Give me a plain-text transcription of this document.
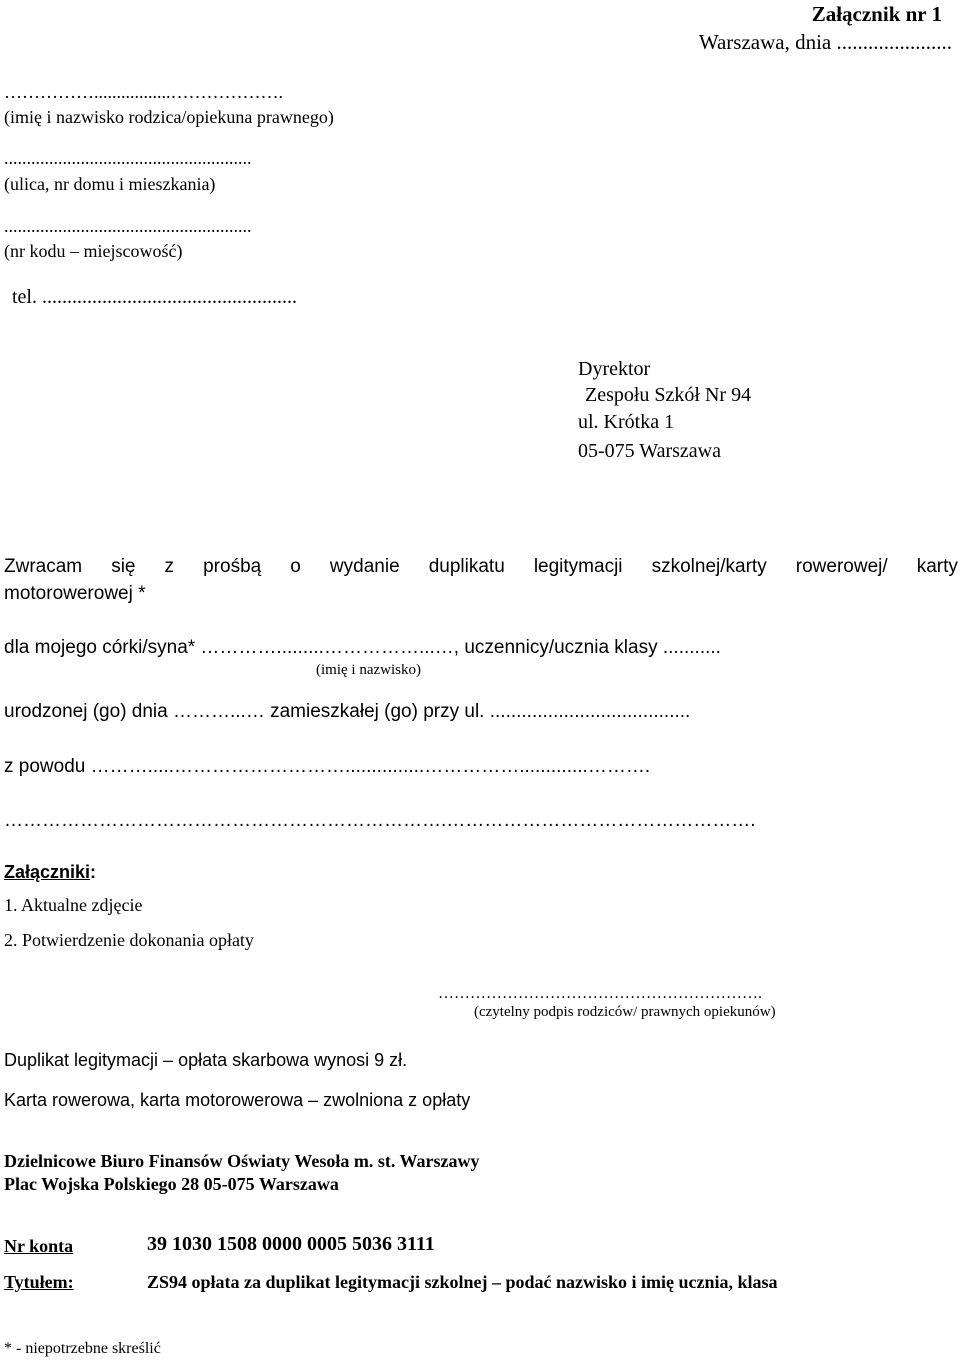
Załącznik nr 1
Warszawa, dnia ......................
…………….................……………….
(imię i nazwisko rodzica/opiekuna prawnego)
.......................................................
(ulica, nr domu i mieszkania)
.......................................................
(nr kodu – miejscowość)
tel. ...................................................
Dyrektor
Zespołu Szkół Nr 94
ul. Krótka 1
05-075 Warszawa
Zwracam się z prośbą o wydanie duplikatu legitymacji szkolnej/karty rowerowej/ karty
motorowerowej *
dla mojego córki/syna* ………….........……………...…, uczennicy/ucznia klasy ...........
(imię i nazwisko)
urodzonej (go) dnia ………...… zamieszkałej (go) przy ul. ......................................
z powodu ……….....………………………...............…………….............……….
…………………………………………………………….………………………………………….
Załączniki:
1. Aktualne zdjęcie
2. Potwierdzenie dokonania opłaty
…………………………………………………….
(czytelny podpis rodziców/ prawnych opiekunów)
Duplikat legitymacji – opłata skarbowa wynosi 9 zł.
Karta rowerowa, karta motorowerowa – zwolniona z opłaty
Dzielnicowe Biuro Finansów Oświaty Wesoła m. st. Warszawy
Plac Wojska Polskiego 28 05-075 Warszawa
Nr konta	39 1030 1508 0000 0005 5036 3111
Tytułem:	ZS94 opłata za duplikat legitymacji szkolnej – podać nazwisko i imię ucznia, klasa
* - niepotrzebne skreślić
